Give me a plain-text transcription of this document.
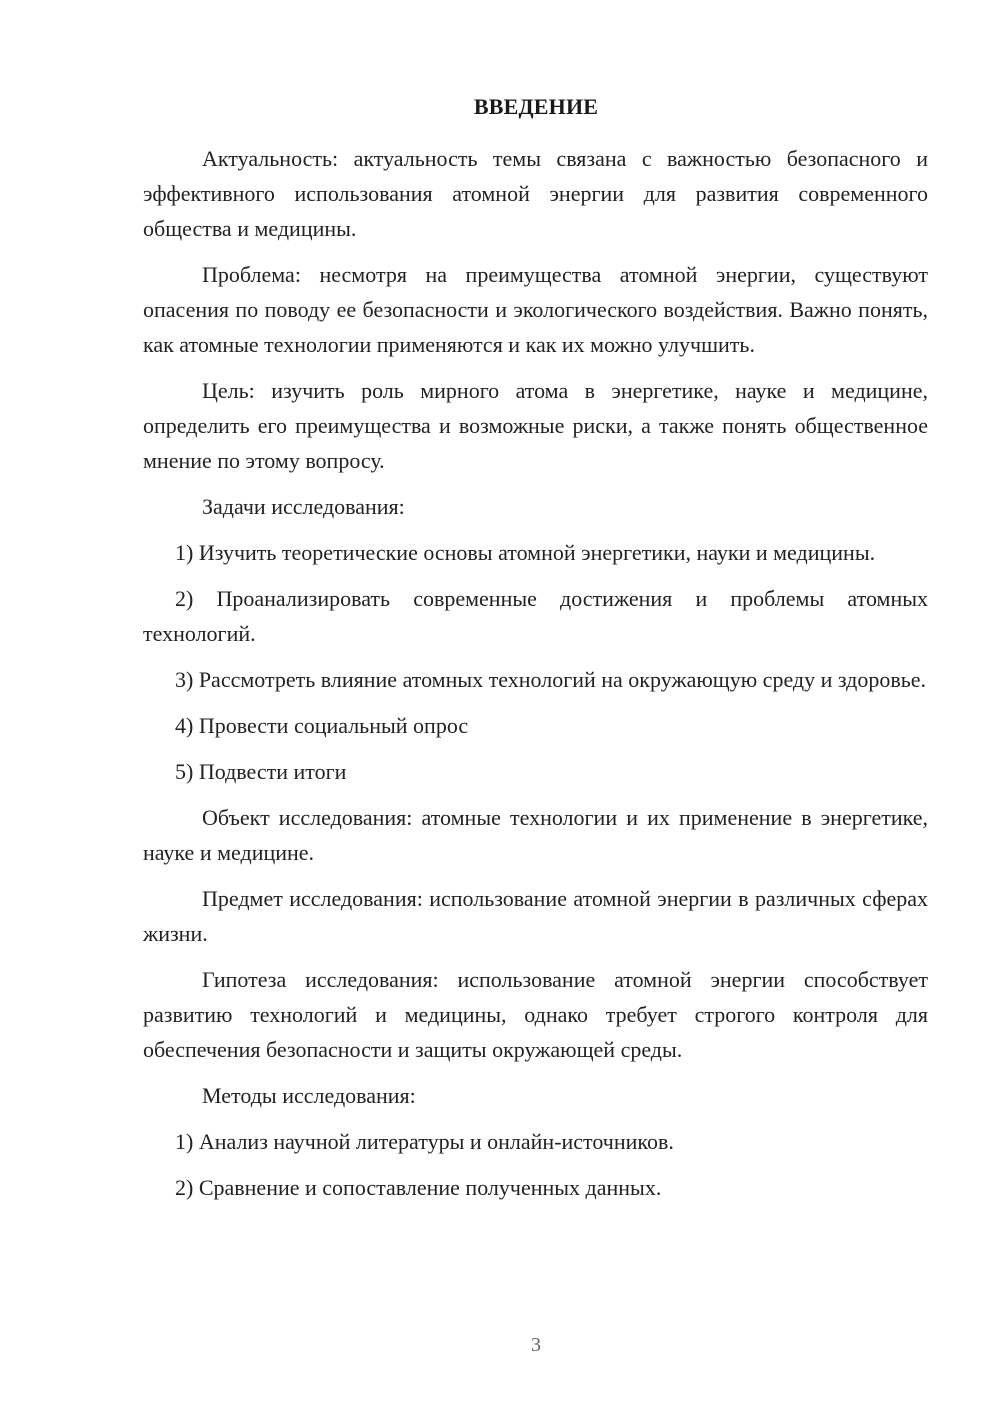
ВВЕДЕНИЕ

Актуальность: актуальность темы связана с важностью безопасного и эффективного использования атомной энергии для развития современного общества и медицины.

Проблема: несмотря на преимущества атомной энергии, существуют опасения по поводу ее безопасности и экологического воздействия. Важно понять, как атомные технологии применяются и как их можно улучшить.

Цель: изучить роль мирного атома в энергетике, науке и медицине, определить его преимущества и возможные риски, а также понять общественное мнение по этому вопросу.

Задачи исследования:

1) Изучить теоретические основы атомной энергетики, науки и медицины.

2) Проанализировать современные достижения и проблемы атомных технологий.

3) Рассмотреть влияние атомных технологий на окружающую среду и здоровье.

4) Провести социальный опрос

5) Подвести итоги

Объект исследования: атомные технологии и их применение в энергетике, науке и медицине.

Предмет исследования: использование атомной энергии в различных сферах жизни.

Гипотеза исследования: использование атомной энергии способствует развитию технологий и медицины, однако требует строгого контроля для обеспечения безопасности и защиты окружающей среды.

Методы исследования:

1) Анализ научной литературы и онлайн-источников.

2) Сравнение и сопоставление полученных данных.

3
